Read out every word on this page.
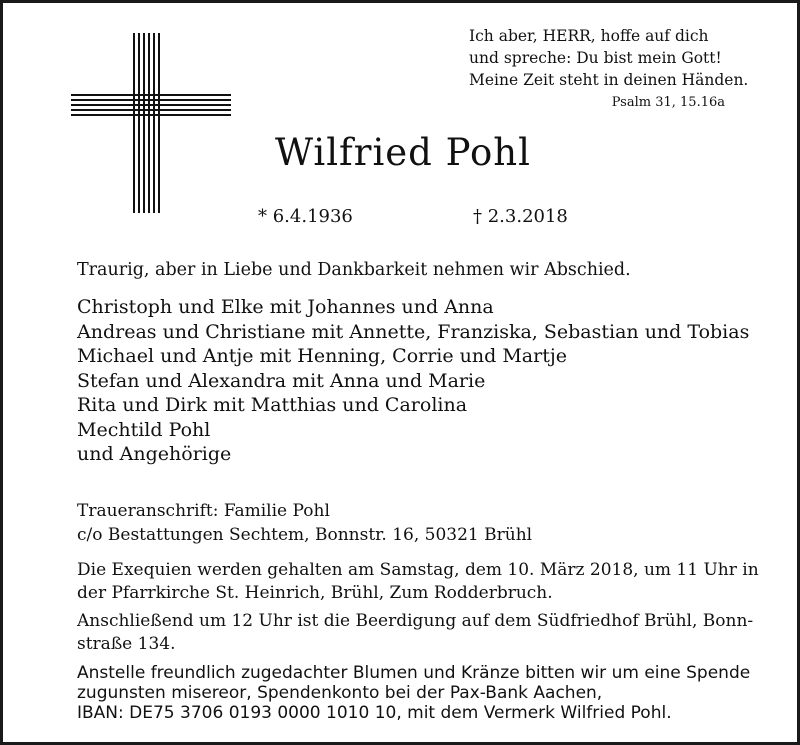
Ich aber, HERR, hoffe auf dich
und spreche: Du bist mein Gott!
Meine Zeit steht in deinen Händen.
Psalm 31, 15.16a
Wilfried Pohl
* 6.4.1936	† 2.3.2018
Traurig, aber in Liebe und Dankbarkeit nehmen wir Abschied.
Christoph und Elke mit Johannes und Anna
Andreas und Christiane mit Annette, Franziska, Sebastian und Tobias
Michael und Antje mit Henning, Corrie und Martje
Stefan und Alexandra mit Anna und Marie
Rita und Dirk mit Matthias und Carolina
Mechtild Pohl
und Angehörige
Traueranschrift: Familie Pohl
c/o Bestattungen Sechtem, Bonnstr. 16, 50321 Brühl
Die Exequien werden gehalten am Samstag, dem 10. März 2018, um 11 Uhr in
der Pfarrkirche St. Heinrich, Brühl, Zum Rodderbruch.
Anschließend um 12 Uhr ist die Beerdigung auf dem Südfriedhof Brühl, Bonn-
straße 134.
Anstelle freundlich zugedachter Blumen und Kränze bitten wir um eine Spende
zugunsten misereor, Spendenkonto bei der Pax-Bank Aachen,
IBAN: DE75 3706 0193 0000 1010 10, mit dem Vermerk Wilfried Pohl.
